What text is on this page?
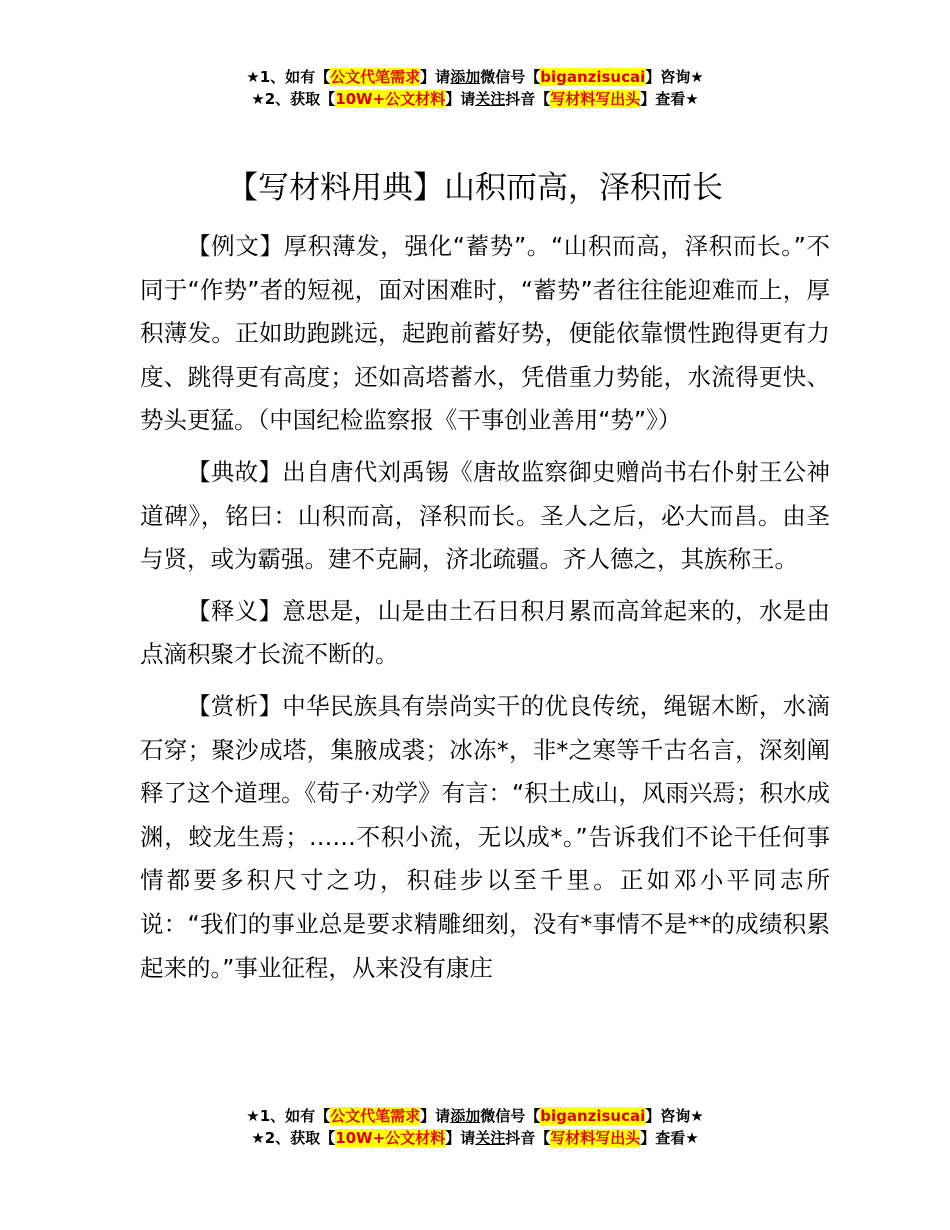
★1、如有【公文代笔需求】请添加微信号【biganzisucai】咨询★
★2、获取【10W+公文材料】请关注抖音【写材料写出头】查看★
【写材料用典】山积而高，泽积而长

【例文】厚积薄发，强化“蓄势”。“山积而高，泽积而长。”不同于“作势”者的短视，面对困难时，“蓄势”者往往能迎难而上，厚积薄发。正如助跑跳远，起跑前蓄好势，便能依靠惯性跑得更有力度、跳得更有高度；还如高塔蓄水，凭借重力势能，水流得更快、势头更猛。（中国纪检监察报《干事创业善用“势”》）

【典故】出自唐代刘禹锡《唐故监察御史赠尚书右仆射王公神道碑》，铭曰：山积而高，泽积而长。圣人之后，必大而昌。由圣与贤，或为霸强。建不克嗣，济北疏疆。齐人德之，其族称王。

【释义】意思是，山是由土石日积月累而高耸起来的，水是由点滴积聚才长流不断的。

【赏析】中华民族具有崇尚实干的优良传统，绳锯木断，水滴石穿；聚沙成塔，集腋成裘；冰冻*，非*之寒等千古名言，深刻阐释了这个道理。《荀子·劝学》有言：“积土成山，风雨兴焉；积水成渊，蛟龙生焉；……不积小流，无以成*。”告诉我们不论干任何事情都要多积尺寸之功，积硅步以至千里。正如邓小平同志所说：“我们的事业总是要求精雕细刻，没有*事情不是**的成绩积累起来的。”事业征程，从来没有康庄

★1、如有【公文代笔需求】请添加微信号【biganzisucai】咨询★
★2、获取【10W+公文材料】请关注抖音【写材料写出头】查看★
